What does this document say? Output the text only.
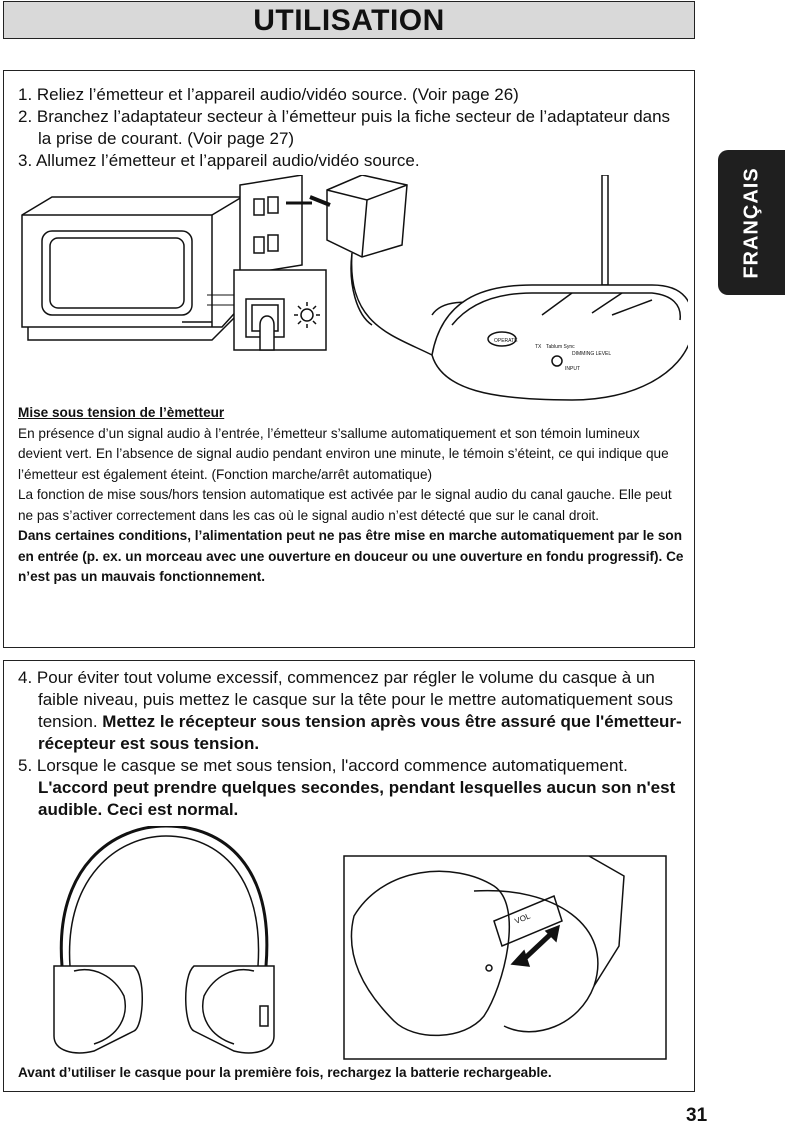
UTILISATION
FRANÇAIS

1. Reliez l’émetteur et l’appareil audio/vidéo source. (Voir page 26)

2. Branchez l’adaptateur secteur à l’émetteur puis la fiche secteur de l’adaptateur dans la prise de courant. (Voir page 27)

3. Allumez l’émetteur et l’appareil audio/vidéo source.

OPERATE
TX Tablum Sync
DIMMING LEVEL
INPUT

Mise sous tension de l’èmetteur

En présence d’un signal audio à l’entrée, l’émetteur s’sallume automatiquement et son témoin lumineux devient vert. En l’absence de signal audio pendant environ une minute, le témoin s’éteint, ce qui indique que l’émetteur est également éteint. (Fonction marche/arrêt automatique)

La fonction de mise sous/hors tension automatique est activée par le signal audio du canal gauche. Elle peut ne pas s’activer correctement dans les cas où le signal audio n’est détecté que sur le canal droit.

Dans certaines conditions, l’alimentation peut ne pas être mise en marche automatiquement par le son en entrée (p. ex. un morceau avec une ouverture en douceur ou une ouverture en fondu progressif). Ce n’est pas un mauvais fonctionnement.

4. Pour éviter tout volume excessif, commencez par régler le volume du casque à un faible niveau, puis mettez le casque sur la tête pour le mettre automatiquement sous tension. Mettez le récepteur sous tension après vous être assuré que l'émetteur-récepteur est sous tension.

5. Lorsque le casque se met sous tension, l'accord commence automatiquement. L'accord peut prendre quelques secondes, pendant lesquelles aucun son n'est audible. Ceci est normal.

VOL
Avant d’utiliser le casque pour la première fois, rechargez la batterie rechargeable.
31
